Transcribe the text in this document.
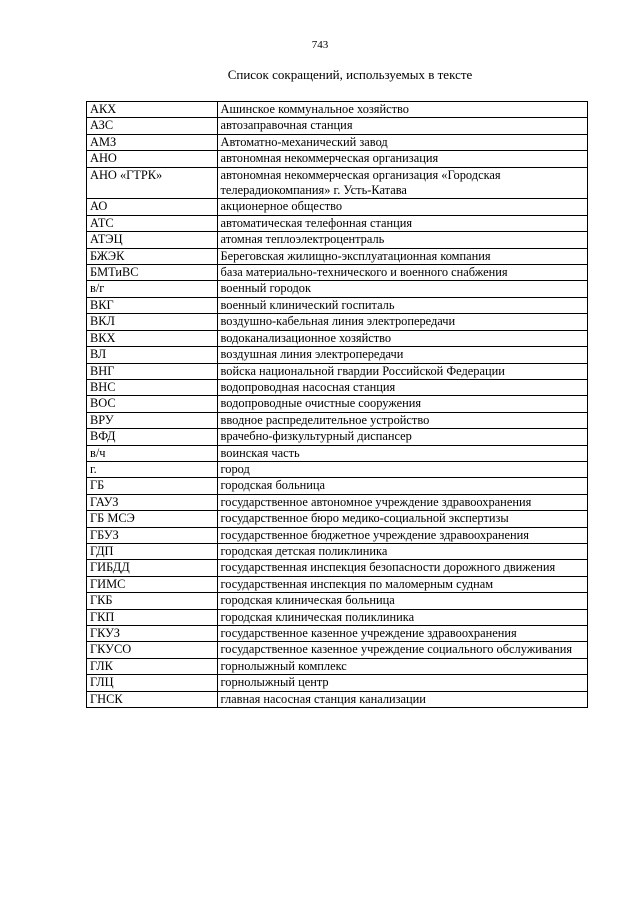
743
Список сокращений, используемых в тексте
АКХ	Ашинское коммунальное хозяйство
АЗС	автозаправочная станция
АМЗ	Автоматно-механический завод
АНО	автономная некоммерческая организация
АНО «ГТРК»	автономная некоммерческая организация «Городская телерадиокомпания» г. Усть-Катава
АО	акционерное общество
АТС	автоматическая телефонная станция
АТЭЦ	атомная теплоэлектроцентраль
БЖЭК	Береговская жилищно-эксплуатационная компания
БМТиВС	база материально-технического и военного снабжения
в/г	военный городок
ВКГ	военный клинический госпиталь
ВКЛ	воздушно-кабельная линия электропередачи
ВКХ	водоканализационное хозяйство
ВЛ	воздушная линия электропередачи
ВНГ	войска национальной гвардии Российской Федерации
ВНС	водопроводная насосная станция
ВОС	водопроводные очистные сооружения
ВРУ	вводное распределительное устройство
ВФД	врачебно-физкультурный диспансер
в/ч	воинская часть
г.	город
ГБ	городская больница
ГАУЗ	государственное автономное учреждение здравоохранения
ГБ МСЭ	государственное бюро медико-социальной экспертизы
ГБУЗ	государственное бюджетное учреждение здравоохранения
ГДП	городская детская поликлиника
ГИБДД	государственная инспекция безопасности дорожного движения
ГИМС	государственная инспекция по маломерным суднам
ГКБ	городская клиническая больница
ГКП	городская клиническая поликлиника
ГКУЗ	государственное казенное учреждение здравоохранения
ГКУСО	государственное казенное учреждение социального обслуживания
ГЛК	горнолыжный комплекс
ГЛЦ	горнолыжный центр
ГНСК	главная насосная станция канализации
